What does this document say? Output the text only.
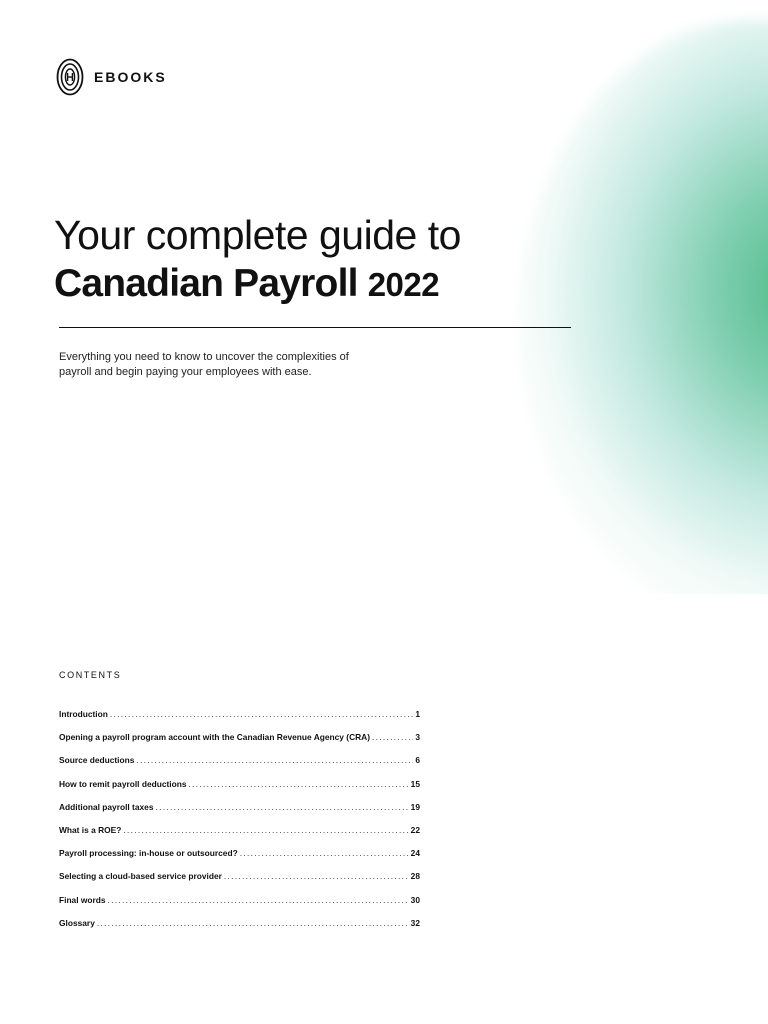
EBOOKS
Your complete guide to
Canadian Payroll 2022
Everything you need to know to uncover the complexities of
payroll and begin paying your employees with ease.
CONTENTS
Introduction .....	1
Opening a payroll program account with the Canadian Revenue Agency (CRA) .....	3
Source deductions .....	6
How to remit payroll deductions .....	15
Additional payroll taxes .....	19
What is a ROE? .....	22
Payroll processing: in-house or outsourced? .....	24
Selecting a cloud-based service provider .....	28
Final words .....	30
Glossary .....	32
